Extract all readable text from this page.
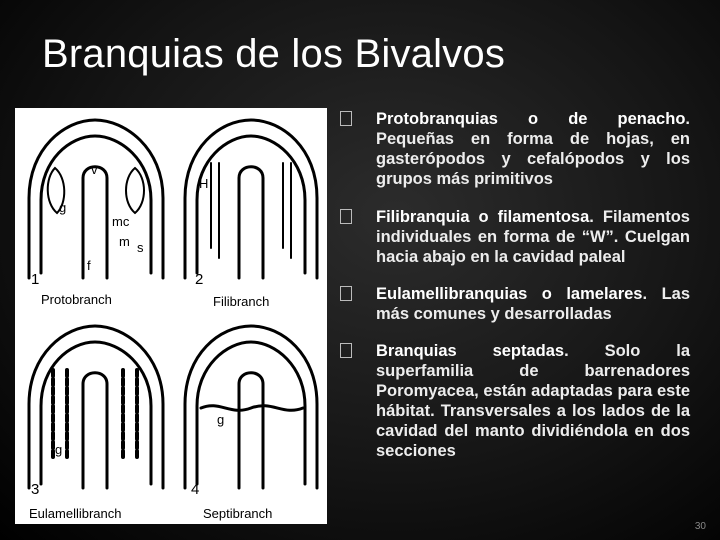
Branquias de los Bivalvos
v
g
mc
m s
f
1
Protobranch
H
2
Filibranch
g
3
Eulamellibranch
g
4
Septibranch
Protobranquias o de penacho. Pequeñas en forma de hojas, en gasterópodos y cefalópodos y los grupos más primitivos
Filibranquia o filamentosa. Filamentos individuales en forma de “W”. Cuelgan hacia abajo en la cavidad paleal
Eulamellibranquias o lamelares. Las más comunes y desarrolladas
Branquias septadas. Solo la superfamilia de barrenadores Poromyacea, están adaptadas para este hábitat. Transversales a los lados de la cavidad del manto dividiéndola en dos secciones
30
